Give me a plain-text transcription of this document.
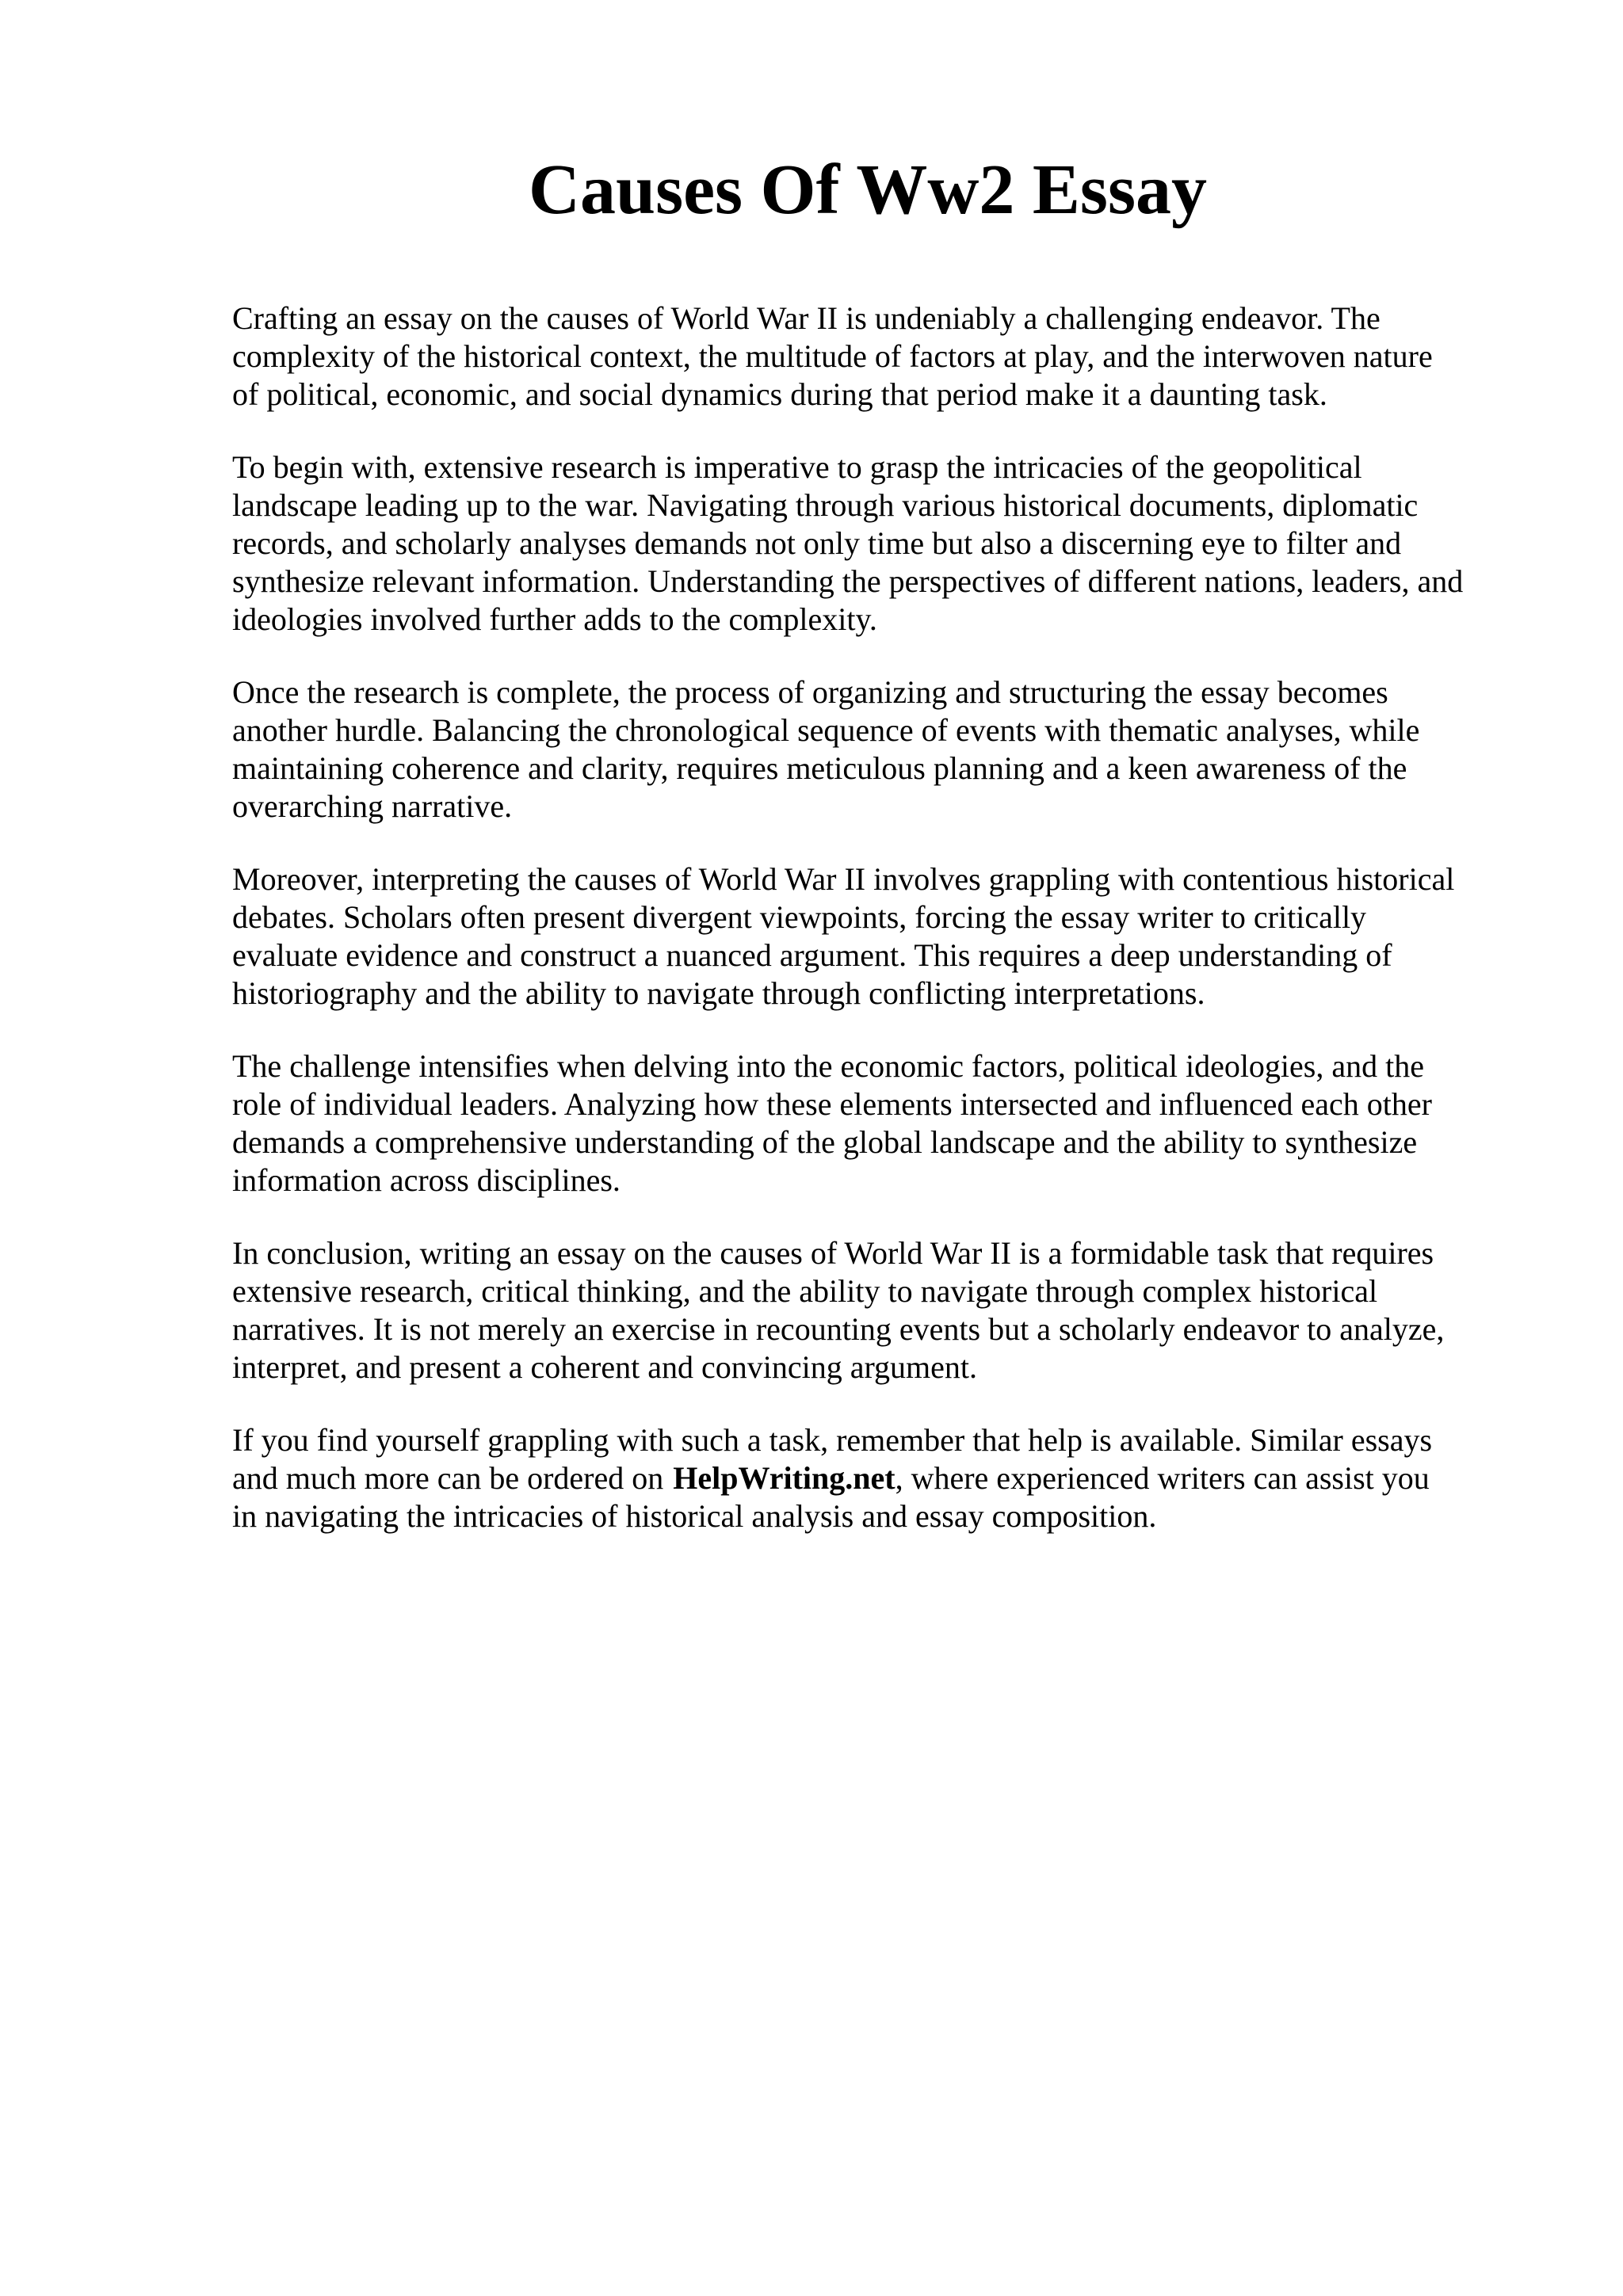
Causes Of Ww2 Essay

Crafting an essay on the causes of World War II is undeniably a challenging endeavor. The
complexity of the historical context, the multitude of factors at play, and the interwoven nature
of political, economic, and social dynamics during that period make it a daunting task.

To begin with, extensive research is imperative to grasp the intricacies of the geopolitical
landscape leading up to the war. Navigating through various historical documents, diplomatic
records, and scholarly analyses demands not only time but also a discerning eye to filter and
synthesize relevant information. Understanding the perspectives of different nations, leaders, and
ideologies involved further adds to the complexity.

Once the research is complete, the process of organizing and structuring the essay becomes
another hurdle. Balancing the chronological sequence of events with thematic analyses, while
maintaining coherence and clarity, requires meticulous planning and a keen awareness of the
overarching narrative.

Moreover, interpreting the causes of World War II involves grappling with contentious historical
debates. Scholars often present divergent viewpoints, forcing the essay writer to critically
evaluate evidence and construct a nuanced argument. This requires a deep understanding of
historiography and the ability to navigate through conflicting interpretations.

The challenge intensifies when delving into the economic factors, political ideologies, and the
role of individual leaders. Analyzing how these elements intersected and influenced each other
demands a comprehensive understanding of the global landscape and the ability to synthesize
information across disciplines.

In conclusion, writing an essay on the causes of World War II is a formidable task that requires
extensive research, critical thinking, and the ability to navigate through complex historical
narratives. It is not merely an exercise in recounting events but a scholarly endeavor to analyze,
interpret, and present a coherent and convincing argument.

If you find yourself grappling with such a task, remember that help is available. Similar essays
and much more can be ordered on HelpWriting.net, where experienced writers can assist you
in navigating the intricacies of historical analysis and essay composition.
